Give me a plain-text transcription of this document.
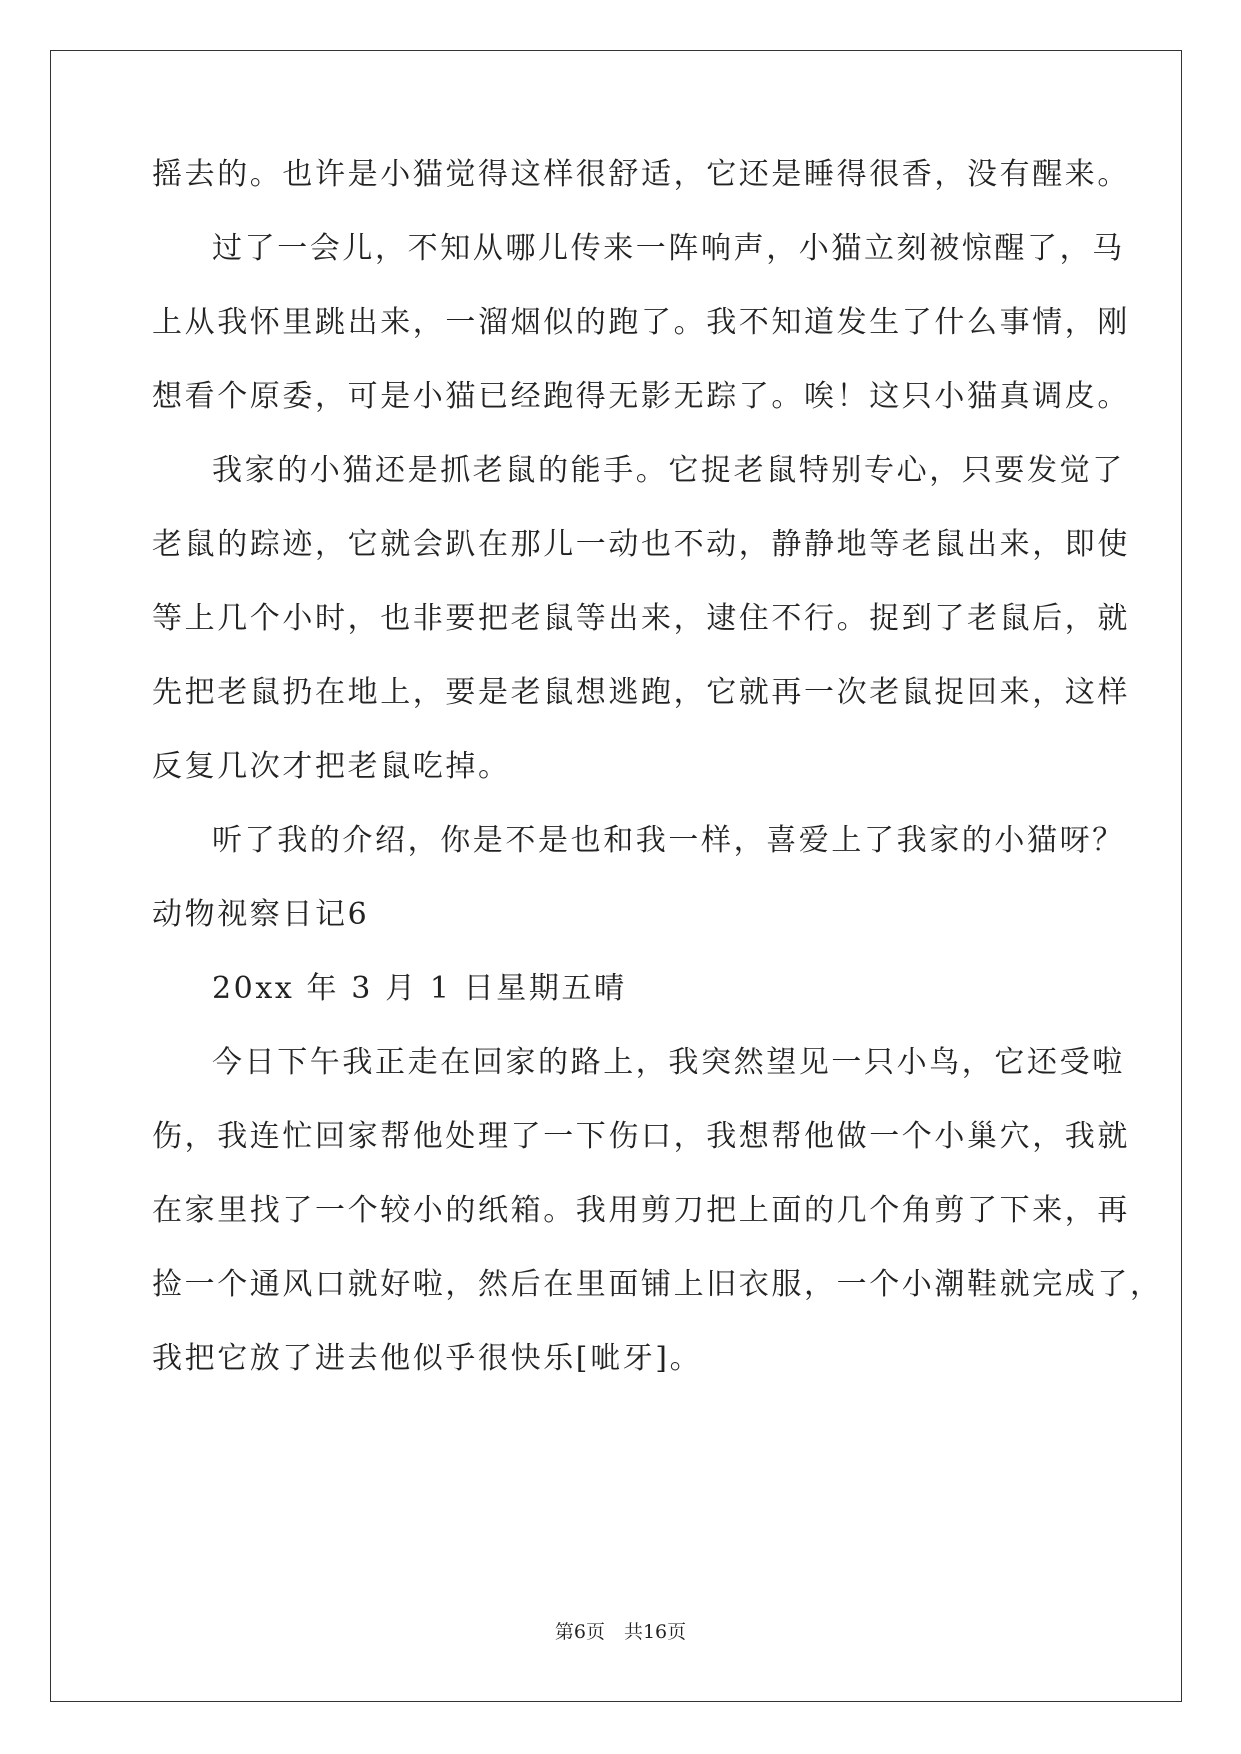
摇去的。也许是小猫觉得这样很舒适，它还是睡得很香，没有醒来。
过了一会儿，不知从哪儿传来一阵响声，小猫立刻被惊醒了，马
上从我怀里跳出来，一溜烟似的跑了。我不知道发生了什么事情，刚
想看个原委，可是小猫已经跑得无影无踪了。唉！这只小猫真调皮。
我家的小猫还是抓老鼠的能手。它捉老鼠特别专心，只要发觉了
老鼠的踪迹，它就会趴在那儿一动也不动，静静地等老鼠出来，即使
等上几个小时，也非要把老鼠等出来，逮住不行。捉到了老鼠后，就
先把老鼠扔在地上，要是老鼠想逃跑，它就再一次老鼠捉回来，这样
反复几次才把老鼠吃掉。
听了我的介绍，你是不是也和我一样，喜爱上了我家的小猫呀？
动物视察日记6
20xx 年 3 月 1 日星期五晴
今日下午我正走在回家的路上，我突然望见一只小鸟，它还受啦
伤，我连忙回家帮他处理了一下伤口，我想帮他做一个小巢穴，我就
在家里找了一个较小的纸箱。我用剪刀把上面的几个角剪了下来，再
捡一个通风口就好啦，然后在里面铺上旧衣服，一个小潮鞋就完成了，
我把它放了进去他似乎很快乐[呲牙]。
第6页　共16页
